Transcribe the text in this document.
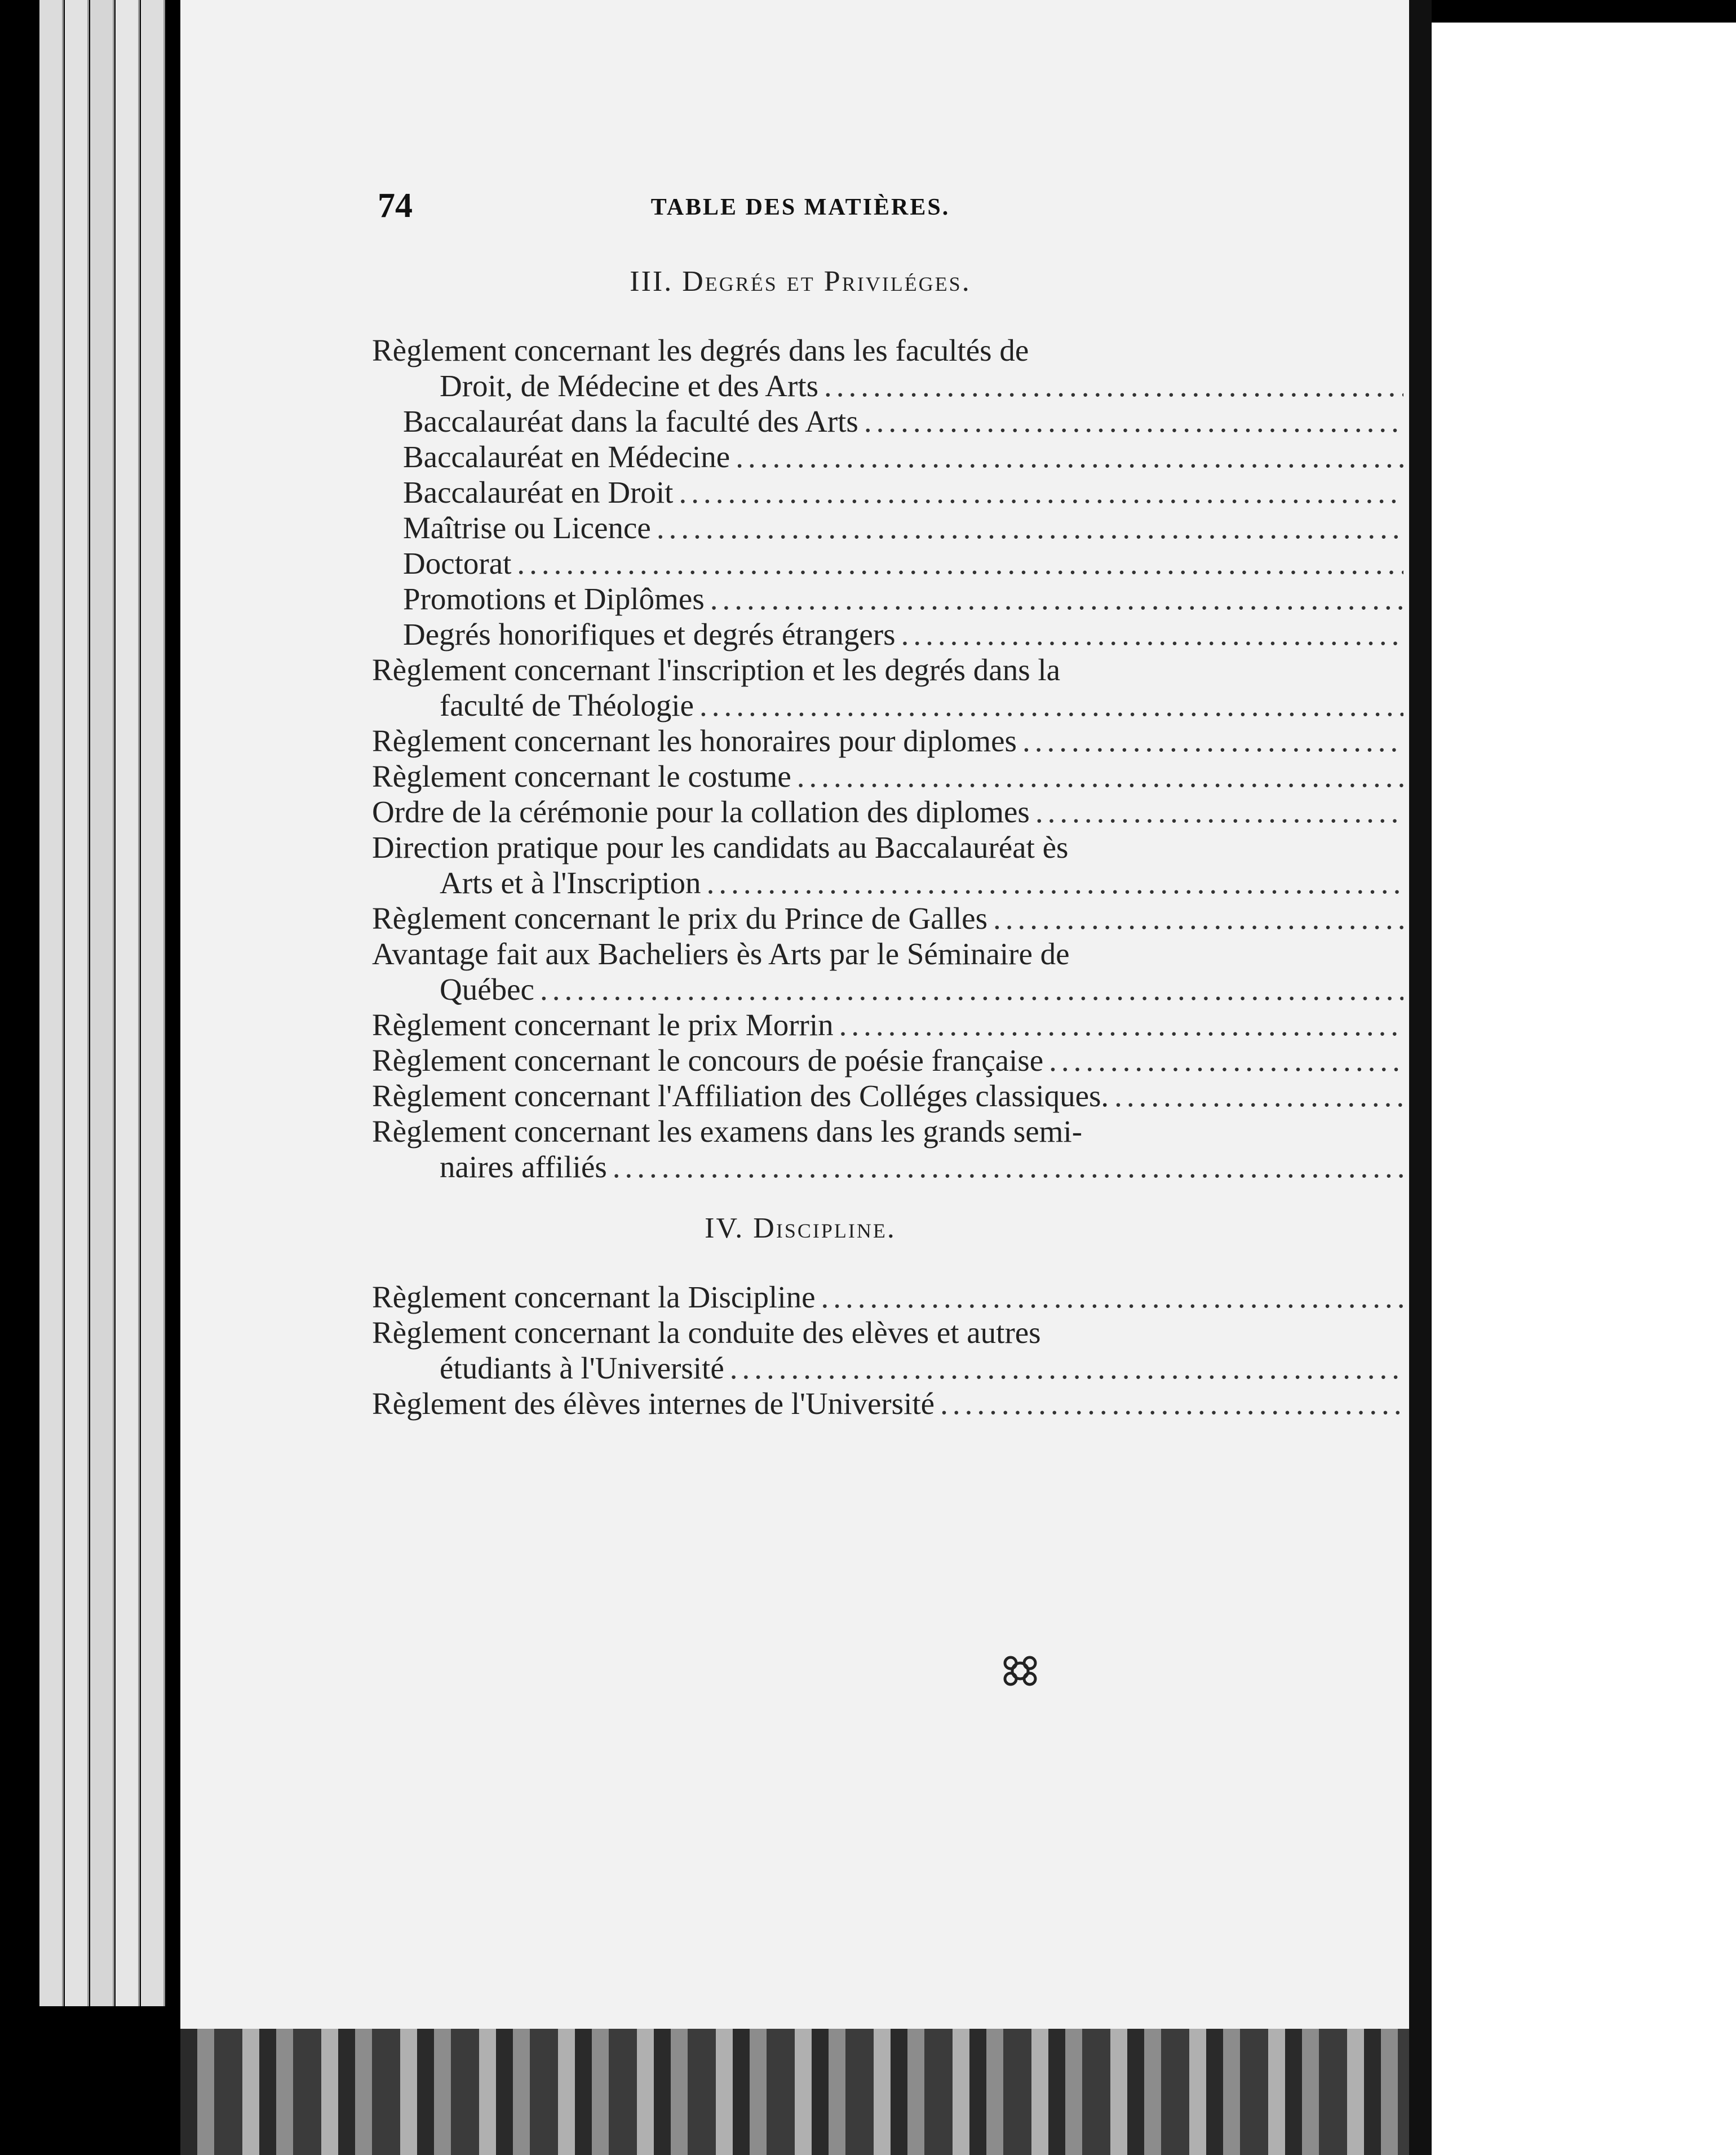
74	TABLE DES MATIÈRES.
III. Degrés et Priviléges.
Règlement concernant les degrés dans les facultés de
Droit, de Médecine et des Arts
.....
Baccalauréat dans la faculté des Arts
.....
Baccalauréat en Médecine
.....
Baccalauréat en Droit
.....
Maîtrise ou Licence
.....
Doctorat
.....
Promotions et Diplômes
.....
Degrés honorifiques et degrés étrangers
.....
Règlement concernant l'inscription et les degrés dans la
faculté de Théologie
.....
Règlement concernant les honoraires pour diplomes
.....
Règlement concernant le costume
.....
Ordre de la cérémonie pour la collation des diplomes
.....
Direction pratique pour les candidats au Baccalauréat ès
Arts et à l'Inscription
.....
Règlement concernant le prix du Prince de Galles
.....
Avantage fait aux Bacheliers ès Arts par le Séminaire de
Québec
.....
Règlement concernant le prix Morrin
.....
Règlement concernant le concours de poésie française
.....
Règlement concernant l'Affiliation des Colléges classiques.
.....
Règlement concernant les examens dans les grands semi-
naires affiliés
.....
IV. Discipline.
Règlement concernant la Discipline
.....
Règlement concernant la conduite des elèves et autres
étudiants à l'Université
.....
Règlement des élèves internes de l'Université
.....
